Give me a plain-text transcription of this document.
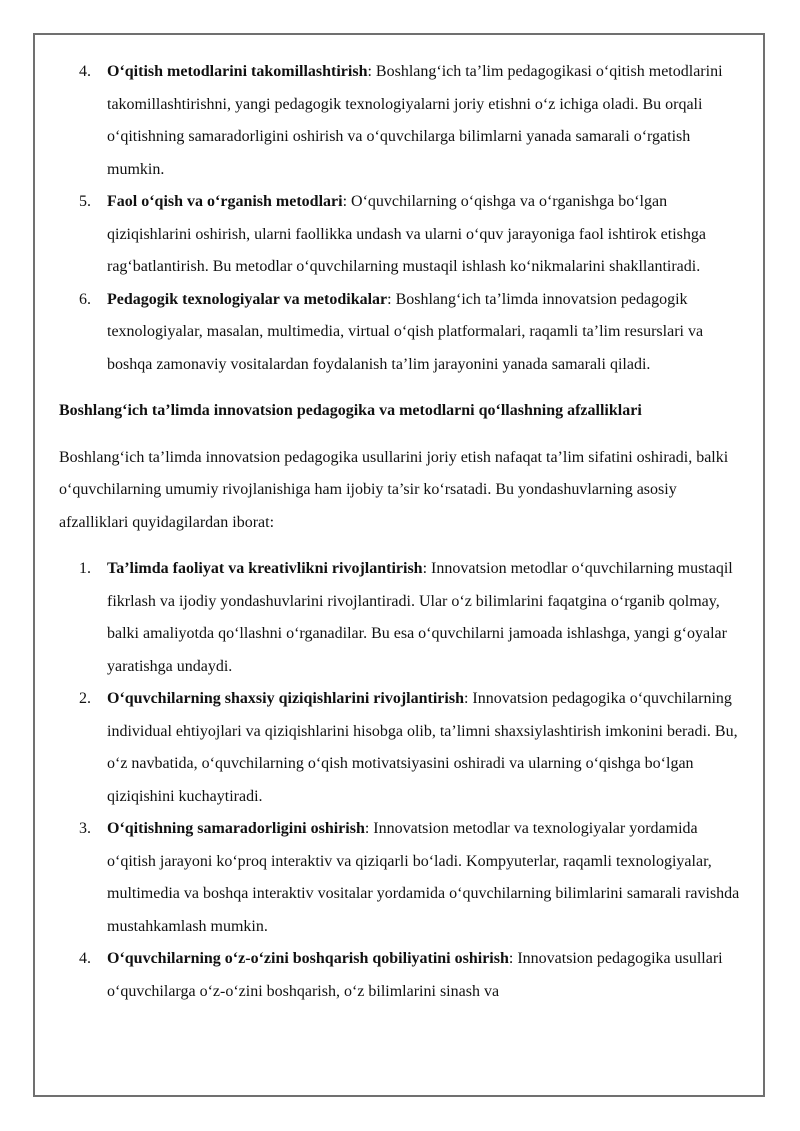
4. O‘qitish metodlarini takomillashtirish: Boshlang‘ich ta’lim pedagogikasi o‘qitish metodlarini takomillashtirishni, yangi pedagogik texnologiyalarni joriy etishni o‘z ichiga oladi. Bu orqali o‘qitishning samaradorligini oshirish va o‘quvchilarga bilimlarni yanada samarali o‘rgatish mumkin.
5. Faol o‘qish va o‘rganish metodlari: O‘quvchilarning o‘qishga va o‘rganishga bo‘lgan qiziqishlarini oshirish, ularni faollikka undash va ularni o‘quv jarayoniga faol ishtirok etishga rag‘batlantirish. Bu metodlar o‘quvchilarning mustaqil ishlash ko‘nikmalarini shakllantiradi.
6. Pedagogik texnologiyalar va metodikalar: Boshlang‘ich ta’limda innovatsion pedagogik texnologiyalar, masalan, multimedia, virtual o‘qish platformalari, raqamli ta’lim resurslari va boshqa zamonaviy vositalardan foydalanish ta’lim jarayonini yanada samarali qiladi.
Boshlang‘ich ta’limda innovatsion pedagogika va metodlarni qo‘llashning afzalliklari
Boshlang‘ich ta’limda innovatsion pedagogika usullarini joriy etish nafaqat ta’lim sifatini oshiradi, balki o‘quvchilarning umumiy rivojlanishiga ham ijobiy ta’sir ko‘rsatadi. Bu yondashuvlarning asosiy afzalliklari quyidagilardan iborat:
1. Ta’limda faoliyat va kreativlikni rivojlantirish: Innovatsion metodlar o‘quvchilarning mustaqil fikrlash va ijodiy yondashuvlarini rivojlantiradi. Ular o‘z bilimlarini faqatgina o‘rganib qolmay, balki amaliyotda qo‘llashni o‘rganadilar. Bu esa o‘quvchilarni jamoada ishlashga, yangi g‘oyalar yaratishga undaydi.
2. O‘quvchilarning shaxsiy qiziqishlarini rivojlantirish: Innovatsion pedagogika o‘quvchilarning individual ehtiyojlari va qiziqishlarini hisobga olib, ta’limni shaxsiylashtirish imkonini beradi. Bu, o‘z navbatida, o‘quvchilarning o‘qish motivatsiyasini oshiradi va ularning o‘qishga bo‘lgan qiziqishini kuchaytiradi.
3. O‘qitishning samaradorligini oshirish: Innovatsion metodlar va texnologiyalar yordamida o‘qitish jarayoni ko‘proq interaktiv va qiziqarli bo‘ladi. Kompyuterlar, raqamli texnologiyalar, multimedia va boshqa interaktiv vositalar yordamida o‘quvchilarning bilimlarini samarali ravishda mustahkamlash mumkin.
4. O‘quvchilarning o‘z-o‘zini boshqarish qobiliyatini oshirish: Innovatsion pedagogika usullari o‘quvchilarga o‘z-o‘zini boshqarish, o‘z bilimlarini sinash va
